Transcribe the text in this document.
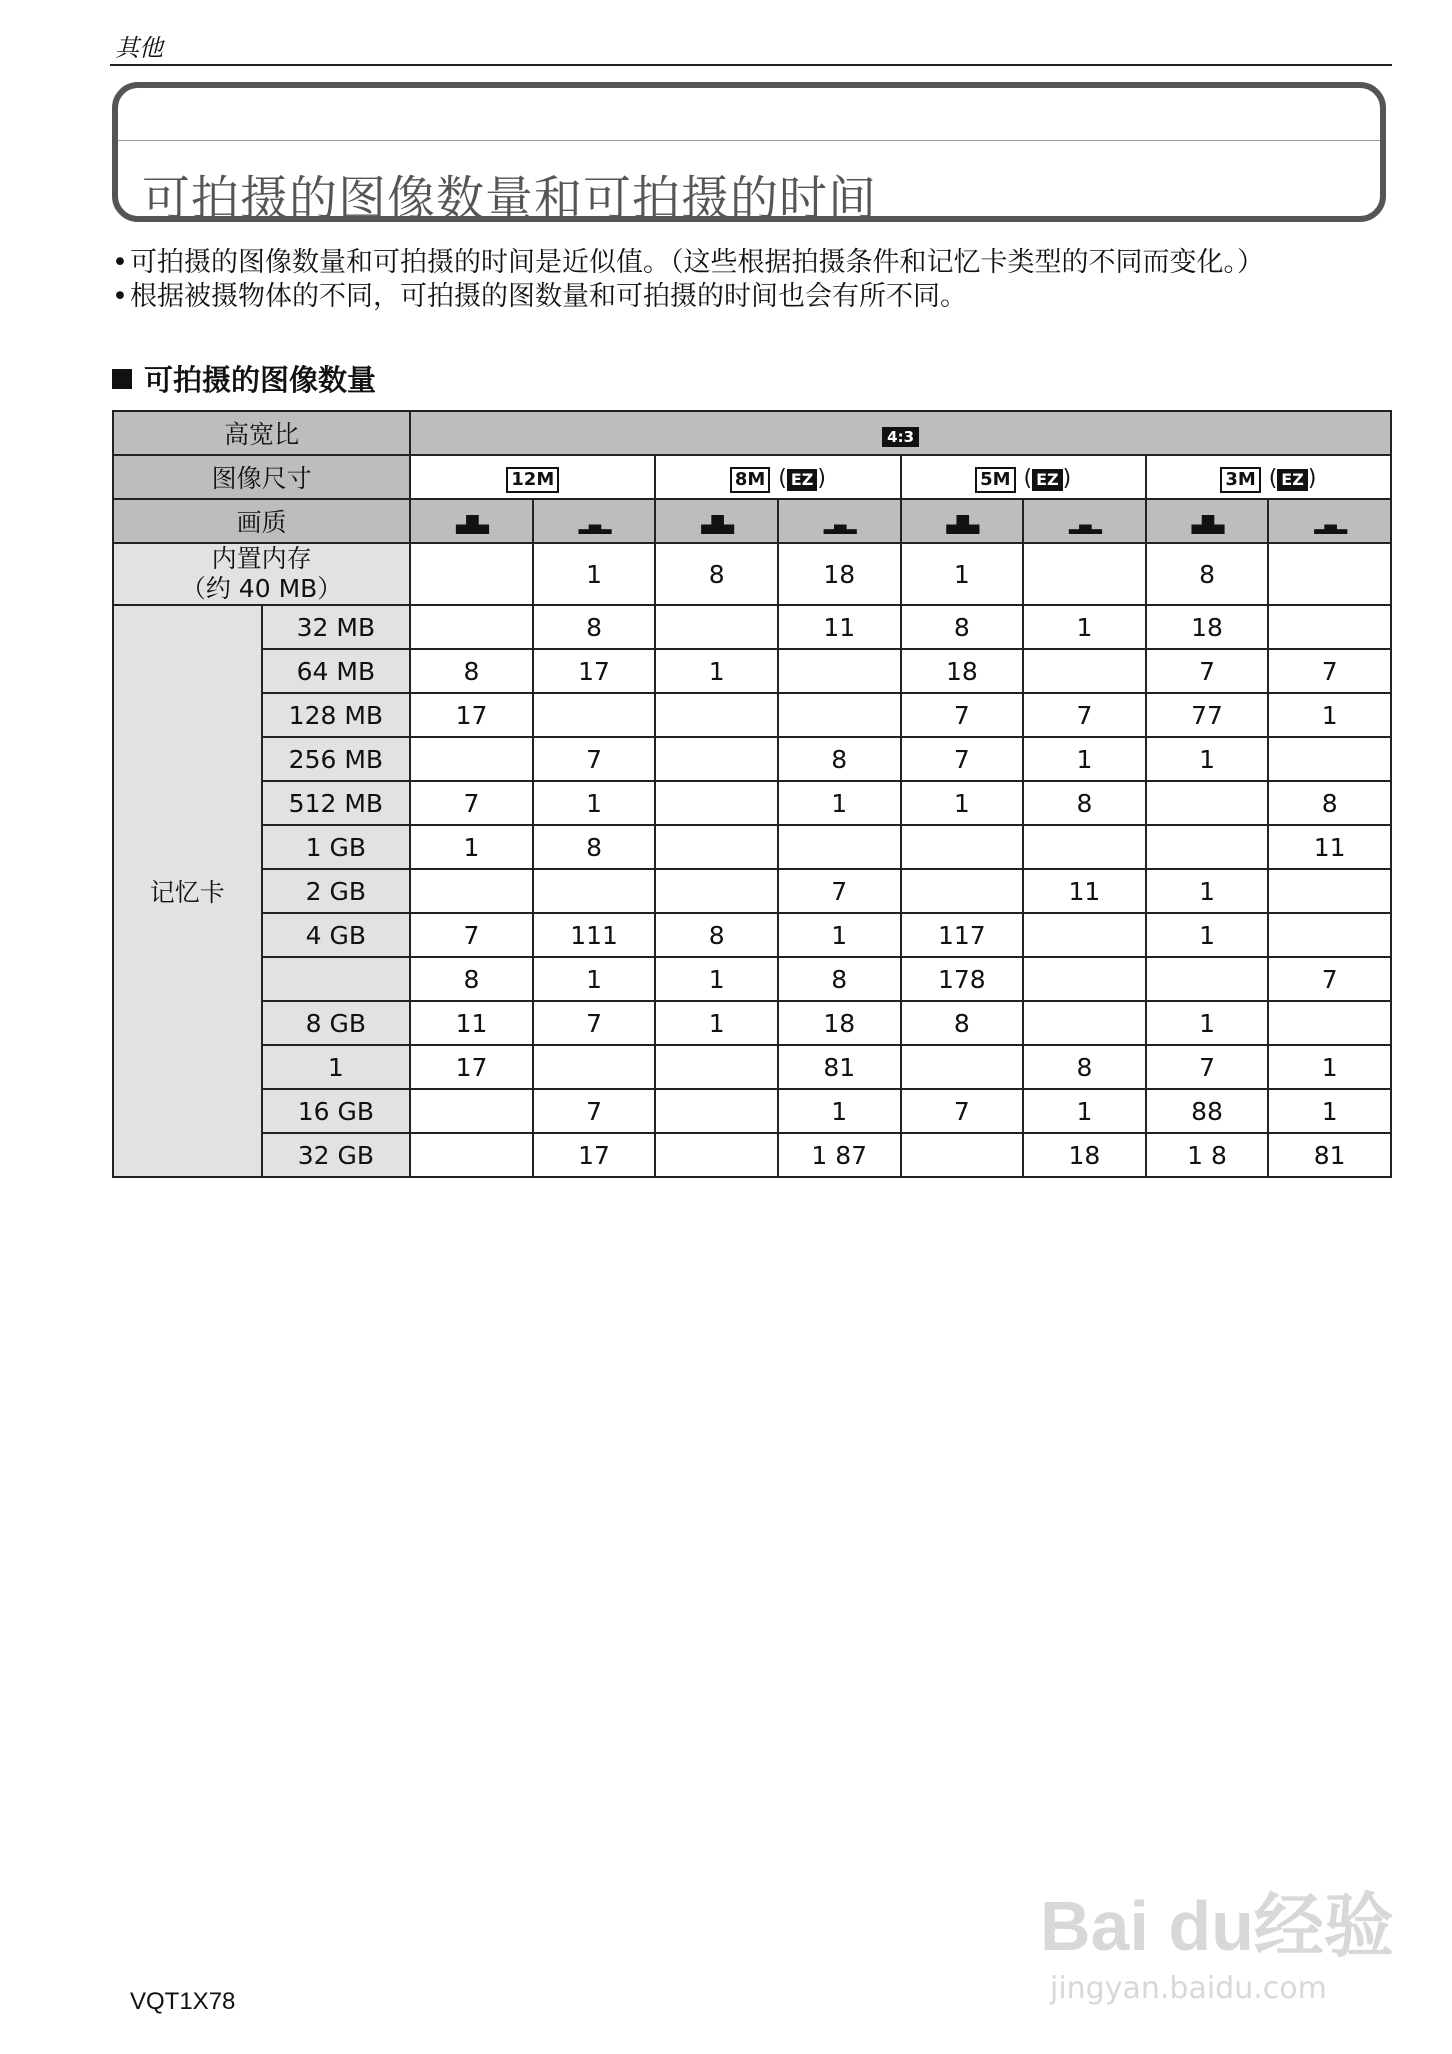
其他
可拍摄的图像数量和可拍摄的时间
• 可拍摄的图像数量和可拍摄的时间是近似值。（这些根据拍摄条件和记忆卡类型的不同而变化。）
• 根据被摄物体的不同，可拍摄的图数量和可拍摄的时间也会有所不同。
可拍摄的图像数量
高宽比		4:3							
图像尺寸		12M		8M ( EZ )		5M ( EZ )		3M ( EZ )	
画质		▄█▄	▂▄▂	▄█▄	▂▄▂	▄█▄	▂▄▂	▄█▄	▂▄▂

内置内存
（约 40 MB）			1	8	18	1		8	
记忆卡	32 MB		8		11	8	1	18	
	64 MB	8	17	1		18		7	7
	128 MB	17				7	7	77	1
	256 MB		7		8	7	1	1	
	512 MB	7	1		1	1	8		8
	1 GB	1	8						11
	2 GB				7		11	1	
	4 GB	7	111	8	1	117		1	
		8	1	1	8	178			7
	8 GB	11	7	1	18	8		1	
	1	17			81		8	7	1
	16 GB		7		1	7	1	88	1
	32 GB		17		1 87		18	1 8	81
VQT1X78
Bai du经验
jingyan.baidu.com
